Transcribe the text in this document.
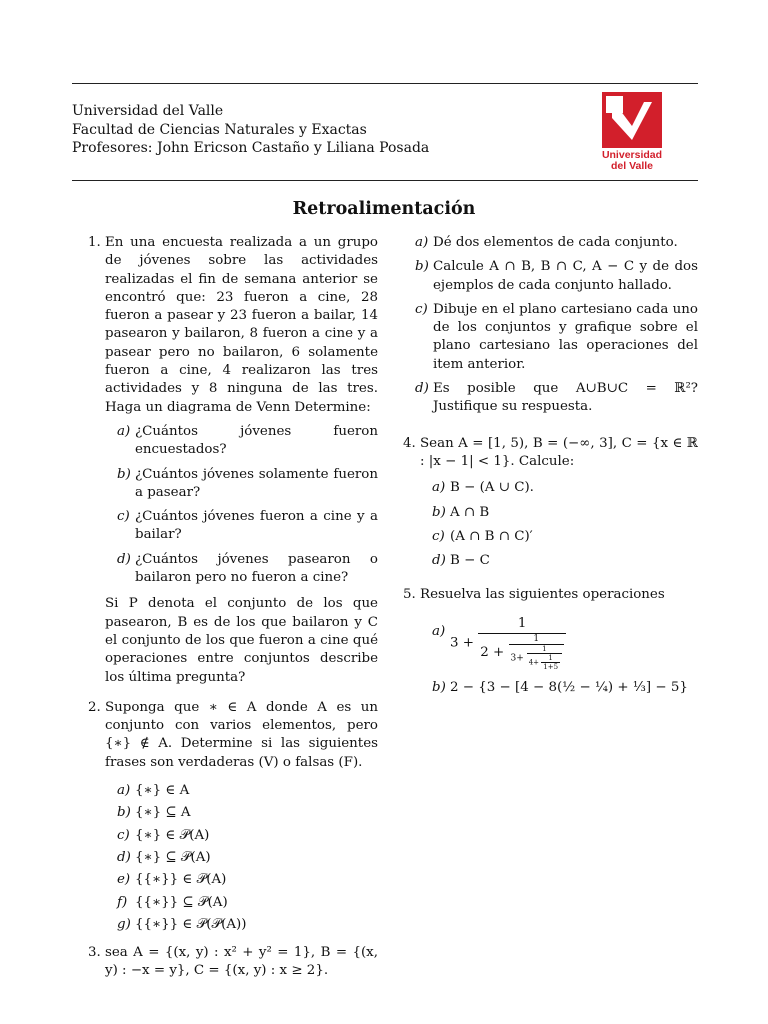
Universidad del Valle
Facultad de Ciencias Naturales y Exactas
Profesores: John Ericson Castaño y Liliana Posada	Universidad
del Valle
Retroalimentación
1. En una encuesta realizada a un grupo de jóvenes sobre las actividades realizadas el fin de semana anterior se encontró que: 23 fueron a cine, 28 fueron a pasear y 23 fueron a bailar, 14 pasearon y bailaron, 8 fueron a cine y a pasear pero no bailaron, 6 solamente fueron a cine, 4 realizaron las tres actividades y 8 ninguna de las tres. Haga un diagrama de Venn Determine:
a) ¿Cuántos jóvenes fueron encuestados?
b) ¿Cuántos jóvenes solamente fueron a pasear?
c) ¿Cuántos jóvenes fueron a cine y a bailar?
d) ¿Cuántos jóvenes pasearon o bailaron pero no fueron a cine?
Si P denota el conjunto de los que pasearon, B es de los que bailaron y C el conjunto de los que fueron a cine qué operaciones entre conjuntos describe los última pregunta?
2. Suponga que ∗ ∈ A donde A es un conjunto con varios elementos, pero {∗} ∉ A. Determine si las siguientes frases son verdaderas (V) o falsas (F).
a) {∗} ∈ A
b) {∗} ⊆ A
c) {∗} ∈ 𝒫(A)
d) {∗} ⊆ 𝒫(A)
e) {{∗}} ∈ 𝒫(A)
f) {{∗}} ⊆ 𝒫(A)
g) {{∗}} ∈ 𝒫(𝒫(A))
3. sea A = {(x, y) : x² + y² = 1}, B = {(x, y) : −x = y}, C = {(x, y) : x ≥ 2}.
a) Dé dos elementos de cada conjunto.
b) Calcule A ∩ B, B ∩ C, A − C y de dos ejemplos de cada conjunto hallado.
c) Dibuje en el plano cartesiano cada uno de los conjuntos y grafique sobre el plano cartesiano las operaciones del item anterior.
d) Es posible que A∪B∪C = ℝ²? Justifique su respuesta.
4. Sean A = [1, 5), B = (−∞, 3], C = {x ∈ ℝ : |x − 1| < 1}. Calcule:
a) B − (A ∪ C).
b) A ∩ B
c) (A ∩ B ∩ C)′
d) B − C
5. Resuelva las siguientes operaciones
a)
3 +
1
2 +
1
3+
1
$4+ \frac{1}{1+5}$
b) 2 − {3 − [4 − 8(½ − ¼) + ⅓] − 5}
